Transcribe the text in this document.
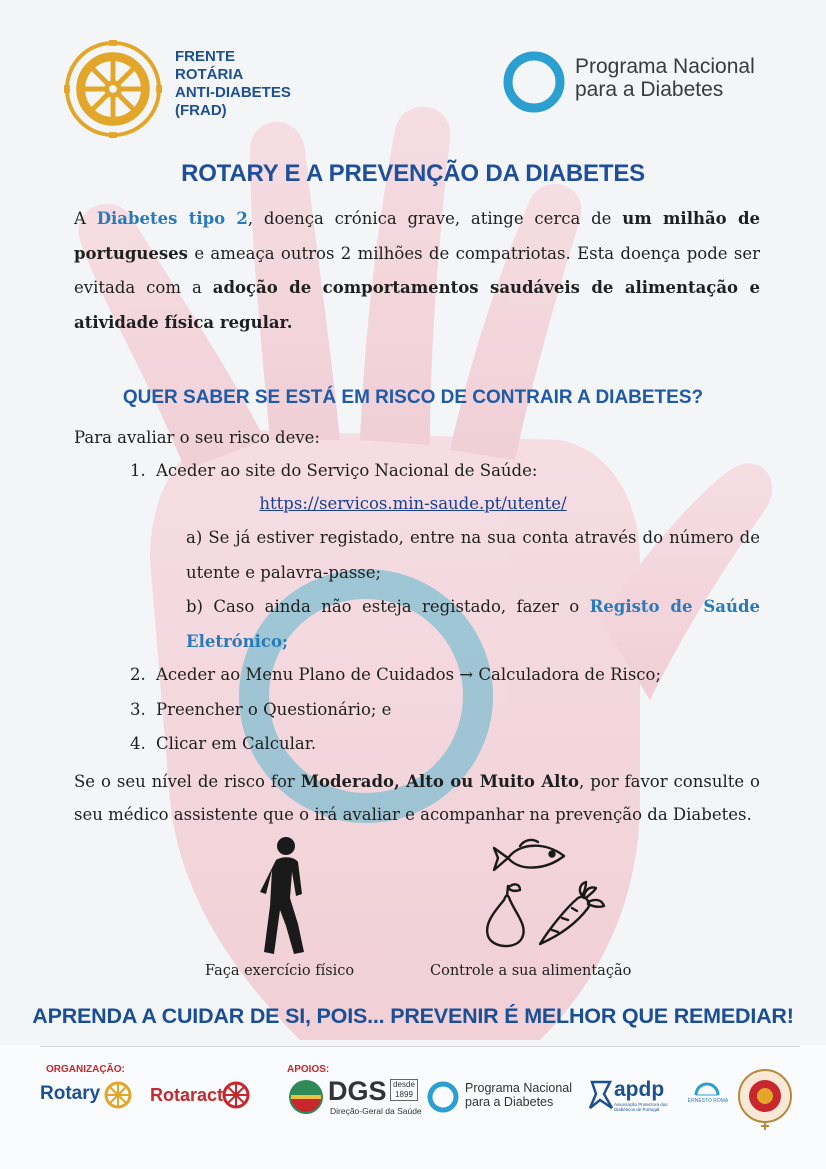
FRENTE
ROTÁRIA
ANTI-DIABETES
(FRAD)
Programa Nacional
para a Diabetes
ROTARY E A PREVENÇÃO DA DIABETES
A Diabetes tipo 2, doença crónica grave, atinge cerca de um milhão de portugueses e ameaça outros 2 milhões de compatriotas. Esta doença pode ser evitada com a adoção de comportamentos saudáveis de alimentação e atividade física regular.
QUER SABER SE ESTÁ EM RISCO DE CONTRAIR A DIABETES?
Para avaliar o seu risco deve:
1. Aceder ao site do Serviço Nacional de Saúde:
https://servicos.min-saude.pt/utente/
a) Se já estiver registado, entre na sua conta através do número de utente e palavra-passe;
b) Caso ainda não esteja registado, fazer o Registo de Saúde Eletrónico;
2. Aceder ao Menu Plano de Cuidados → Calculadora de Risco;
3. Preencher o Questionário; e
4. Clicar em Calcular.
Se o seu nível de risco for Moderado, Alto ou Muito Alto, por favor consulte o seu médico assistente que o irá avaliar e acompanhar na prevenção da Diabetes.
Faça exercício físico	Controle a sua alimentação
APRENDA A CUIDAR DE SI, POIS... PREVENIR É MELHOR QUE REMEDIAR!
ORGANIZAÇÃO:
Rotary	Rotaract
APOIOS:
DGS desde
1899
Direção-Geral da Saúde
Programa Nacional
para a Diabetes
apdp
Associação Protectora dos Diabéticos de Portugal
ERNESTO ROMA
